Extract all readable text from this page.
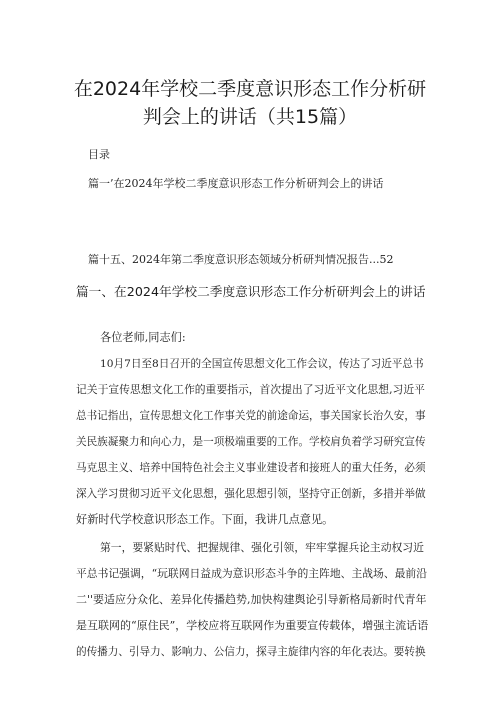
在2024年学校二季度意识形态工作分析研
判会上的讲话（共15篇）
目录
篇一’在2024年学校二季度意识形态工作分析研判会上的讲话
篇十五、2024年第二季度意识形态领域分析研判情况报告...52
篇一、在2024年学校二季度意识形态工作分析研判会上的讲话
各位老师,同志们:
10月7日至8日召开的全国宣传思想文化工作会议，传达了习近平总书
记关于宣传思想文化工作的重要指示，首次提出了习近平文化思想,习近平
总书记指出，宣传思想文化工作事关党的前途命运，事关国家长治久安，事
关民族凝聚力和向心力，是一项极端重要的工作。学校肩负着学习研究宣传
马克思主义、培养中国特色社会主义事业建设者和接班人的重大任务，必须
深入学习贯彻习近平文化思想，强化思想引领，坚持守正创新，多措并举做
好新时代学校意识形态工作。下面，我讲几点意见。
第一，要紧贴时代、把握规律、强化引领，牢牢掌握兵论主动权习近
平总书记强调，“玩联网日益成为意识形态斗争的主阵地、主战场、最前沿
二''要适应分众化、差异化传播趋势,加快构建舆论引导新格局新时代青年
是互联网的“原住民”，学校应将互联网作为重要宣传载体，增强主流话语
的传播力、引导力、影响力、公信力，探寻主旋律内容的年化表达。要转换
